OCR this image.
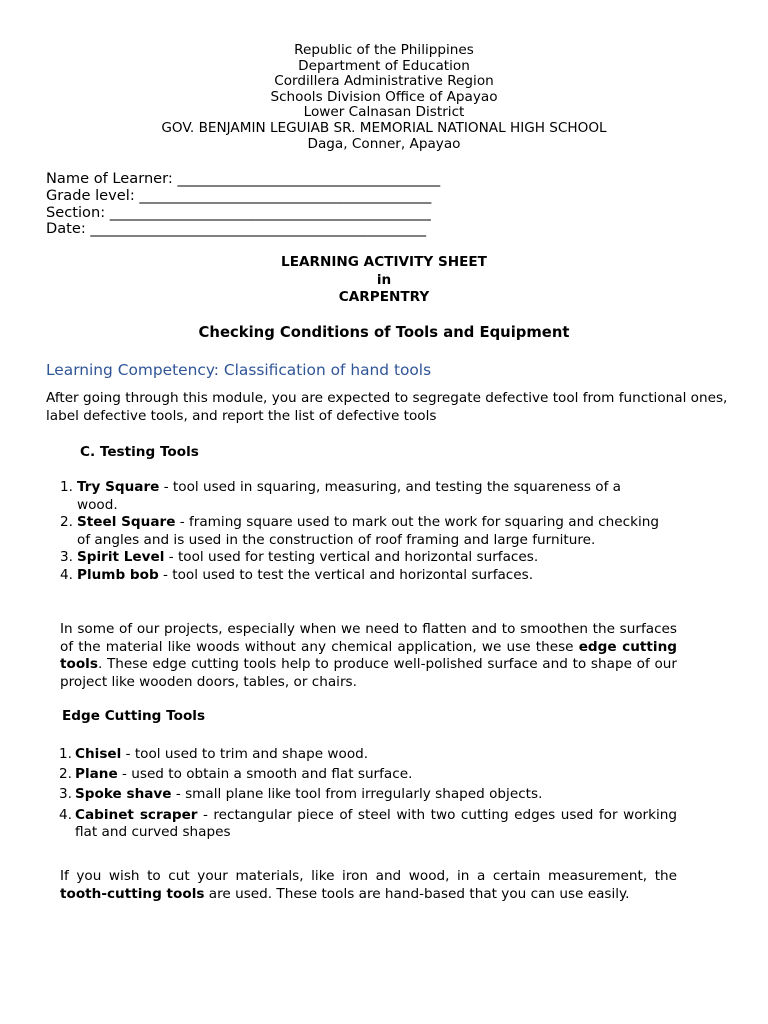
Republic of the Philippines
Department of Education
Cordillera Administrative Region
Schools Division Office of Apayao
Lower Calnasan District
GOV. BENJAMIN LEGUIAB SR. MEMORIAL NATIONAL HIGH SCHOOL
Daga, Conner, Apayao
Name of Learner: ____________________________________
Grade level: ________________________________________
Section: ____________________________________________
Date: ______________________________________________
LEARNING ACTIVITY SHEET
in
CARPENTRY
Checking Conditions of Tools and Equipment
Learning Competency: Classification of hand tools
After going through this module, you are expected to segregate defective tool from functional ones, label defective tools, and report the list of defective tools
C. Testing Tools
1. Try Square - tool used in squaring, measuring, and testing the squareness of a wood.
2. Steel Square - framing square used to mark out the work for squaring and checking of angles and is used in the construction of roof framing and large furniture.
3. Spirit Level - tool used for testing vertical and horizontal surfaces.
4. Plumb bob - tool used to test the vertical and horizontal surfaces.
In some of our projects, especially when we need to flatten and to smoothen the surfaces of the material like woods without any chemical application, we use these edge cutting tools. These edge cutting tools help to produce well-polished surface and to shape of our project like wooden doors, tables, or chairs.
Edge Cutting Tools
1. Chisel - tool used to trim and shape wood.
2. Plane - used to obtain a smooth and flat surface.
3. Spoke shave - small plane like tool from irregularly shaped objects.
4. Cabinet scraper - rectangular piece of steel with two cutting edges used for working flat and curved shapes
If you wish to cut your materials, like iron and wood, in a certain measurement, the tooth-cutting tools are used. These tools are hand-based that you can use easily.
